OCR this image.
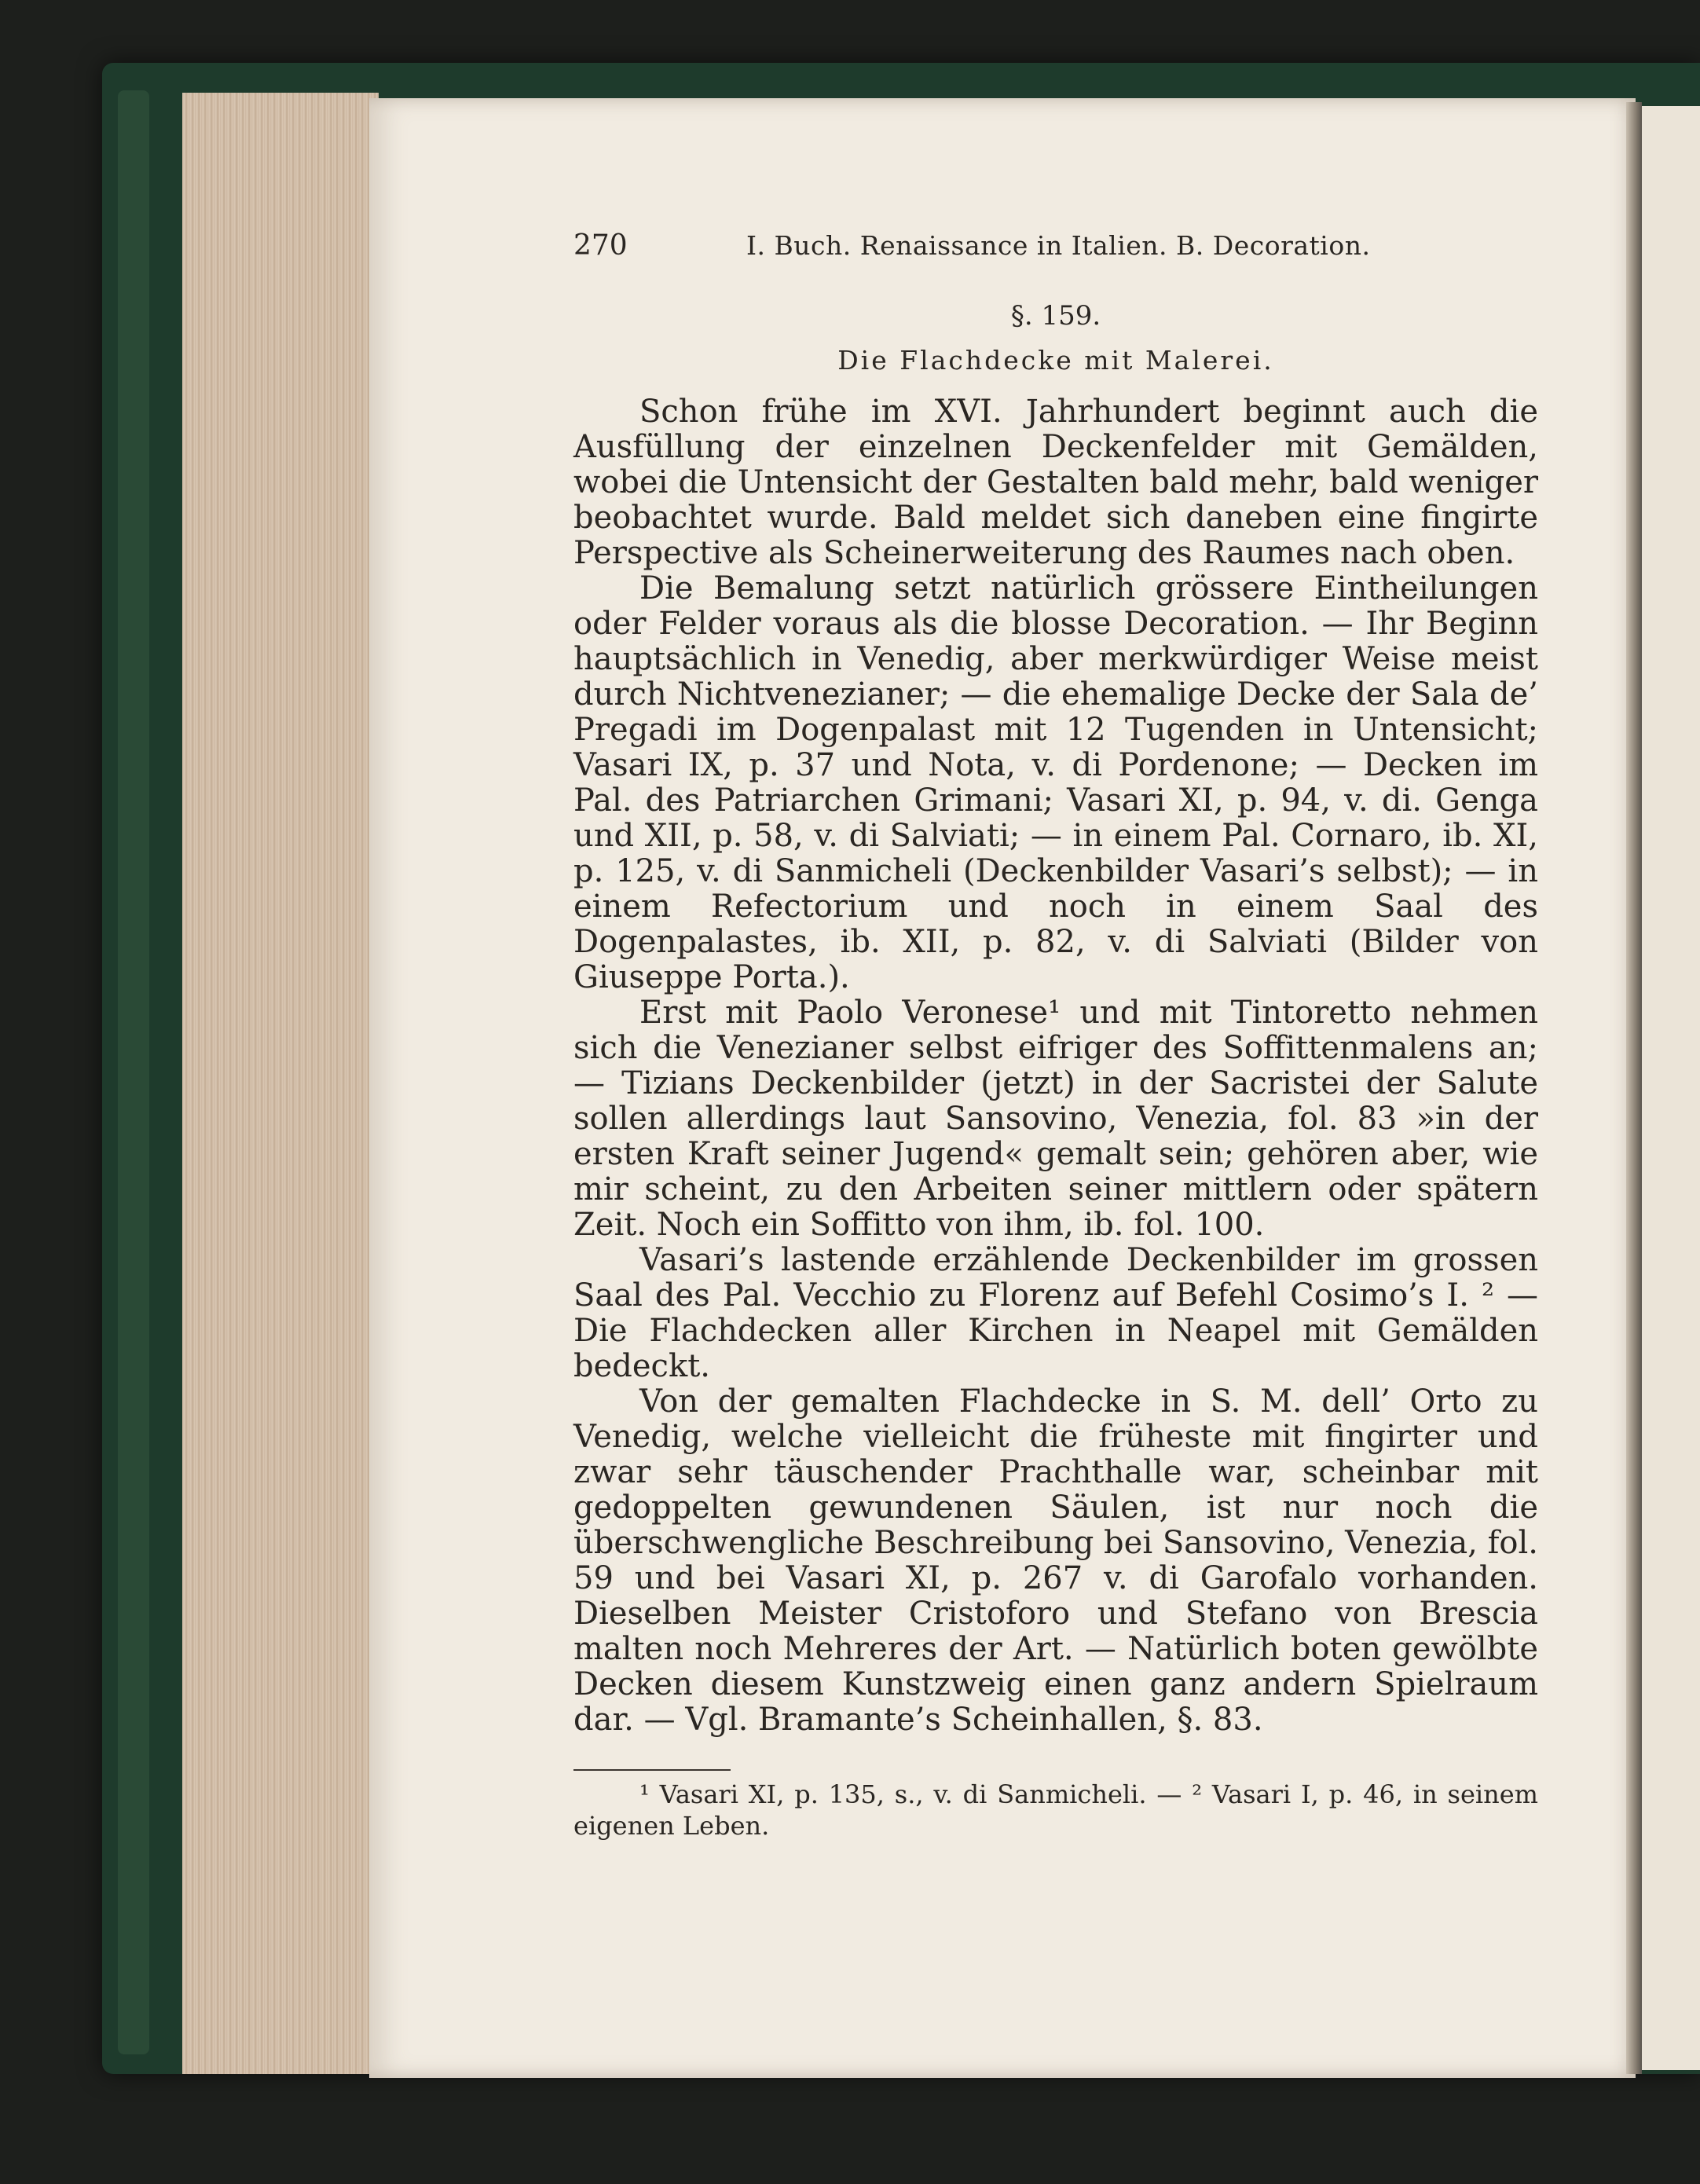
270	I. Buch. Renaissance in Italien. B. Decoration.
§. 159.
Die Flachdecke mit Malerei.

Schon frühe im XVI. Jahrhundert beginnt auch die Ausfüllung der einzelnen Deckenfelder mit Gemälden, wobei die Untensicht der Gestalten bald mehr, bald weniger beobachtet wurde. Bald meldet sich daneben eine fingirte Perspective als Scheinerweiterung des Raumes nach oben.

Die Bemalung setzt natürlich grössere Eintheilungen oder Felder voraus als die blosse Decoration. — Ihr Beginn hauptsächlich in Venedig, aber merkwürdiger Weise meist durch Nichtvenezianer; — die ehemalige Decke der Sala de’ Pregadi im Dogenpalast mit 12 Tugenden in Untensicht; Vasari IX, p. 37 und Nota, v. di Pordenone; — Decken im Pal. des Patriarchen Grimani; Vasari XI, p. 94, v. di. Genga und XII, p. 58, v. di Salviati; — in einem Pal. Cornaro, ib. XI, p. 125, v. di Sanmicheli (Deckenbilder Vasari’s selbst); — in einem Refectorium und noch in einem Saal des Dogenpalastes, ib. XII, p. 82, v. di Salviati (Bilder von Giuseppe Porta.).

Erst mit Paolo Veronese¹ und mit Tintoretto nehmen sich die Venezianer selbst eifriger des Soffittenmalens an; — Tizians Deckenbilder (jetzt) in der Sacristei der Salute sollen allerdings laut Sansovino, Venezia, fol. 83 »in der ersten Kraft seiner Jugend« gemalt sein; gehören aber, wie mir scheint, zu den Arbeiten seiner mittlern oder spätern Zeit. Noch ein Soffitto von ihm, ib. fol. 100.

Vasari’s lastende erzählende Deckenbilder im grossen Saal des Pal. Vecchio zu Florenz auf Befehl Cosimo’s I. ² — Die Flachdecken aller Kirchen in Neapel mit Gemälden bedeckt.

Von der gemalten Flachdecke in S. M. dell’ Orto zu Venedig, welche vielleicht die früheste mit fingirter und zwar sehr täuschender Prachthalle war, scheinbar mit gedoppelten gewundenen Säulen, ist nur noch die überschwengliche Beschreibung bei Sansovino, Venezia, fol. 59 und bei Vasari XI, p. 267 v. di Garofalo vorhanden. Dieselben Meister Cristoforo und Stefano von Brescia malten noch Mehreres der Art. — Natürlich boten gewölbte Decken diesem Kunstzweig einen ganz andern Spielraum dar. — Vgl. Bramante’s Scheinhallen, §. 83.

¹ Vasari XI, p. 135, s., v. di Sanmicheli. — ² Vasari I, p. 46, in seinem eigenen Leben.
